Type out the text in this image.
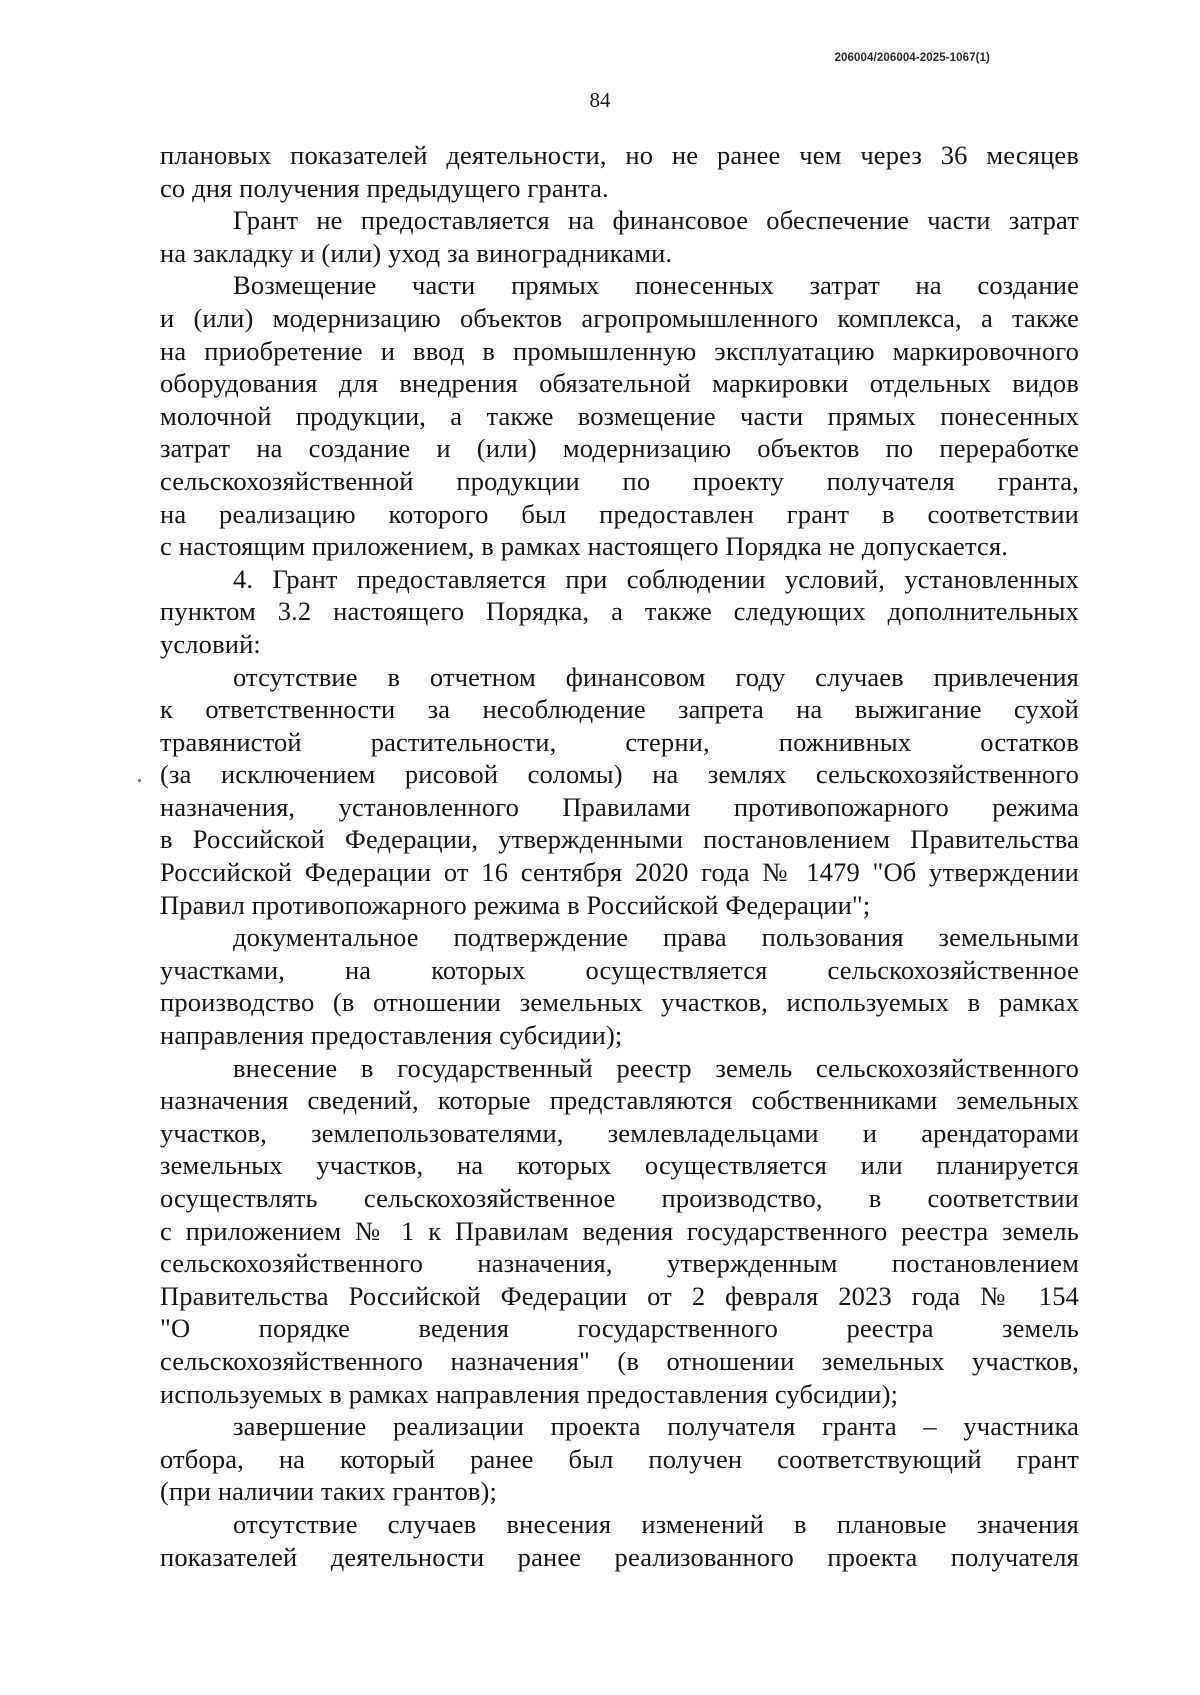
206004/206004-2025-1067(1)
84
плановых показателей деятельности, но не ранее чем через 36 месяцев
со дня получения предыдущего гранта.
Грант не предоставляется на финансовое обеспечение части затрат
на закладку и (или) уход за виноградниками.
Возмещение части прямых понесенных затрат на создание
и (или) модернизацию объектов агропромышленного комплекса, а также
на приобретение и ввод в промышленную эксплуатацию маркировочного
оборудования для внедрения обязательной маркировки отдельных видов
молочной продукции, а также возмещение части прямых понесенных
затрат на создание и (или) модернизацию объектов по переработке
сельскохозяйственной продукции по проекту получателя гранта,
на реализацию которого был предоставлен грант в соответствии
с настоящим приложением, в рамках настоящего Порядка не допускается.
4. Грант предоставляется при соблюдении условий, установленных
пунктом 3.2 настоящего Порядка, а также следующих дополнительных
условий:
отсутствие в отчетном финансовом году случаев привлечения
к ответственности за несоблюдение запрета на выжигание сухой
травянистой растительности, стерни, пожнивных остатков
(за исключением рисовой соломы) на землях сельскохозяйственного
назначения, установленного Правилами противопожарного режима
в Российской Федерации, утвержденными постановлением Правительства
Российской Федерации от 16 сентября 2020 года № 1479 "Об утверждении
Правил противопожарного режима в Российской Федерации";
документальное подтверждение права пользования земельными
участками, на которых осуществляется сельскохозяйственное
производство (в отношении земельных участков, используемых в рамках
направления предоставления субсидии);
внесение в государственный реестр земель сельскохозяйственного
назначения сведений, которые представляются собственниками земельных
участков, землепользователями, землевладельцами и арендаторами
земельных участков, на которых осуществляется или планируется
осуществлять сельскохозяйственное производство, в соответствии
с приложением № 1 к Правилам ведения государственного реестра земель
сельскохозяйственного назначения, утвержденным постановлением
Правительства Российской Федерации от 2 февраля 2023 года № 154
"О порядке ведения государственного реестра земель
сельскохозяйственного назначения" (в отношении земельных участков,
используемых в рамках направления предоставления субсидии);
завершение реализации проекта получателя гранта – участника
отбора, на который ранее был получен соответствующий грант
(при наличии таких грантов);
отсутствие случаев внесения изменений в плановые значения
показателей деятельности ранее реализованного проекта получателя
